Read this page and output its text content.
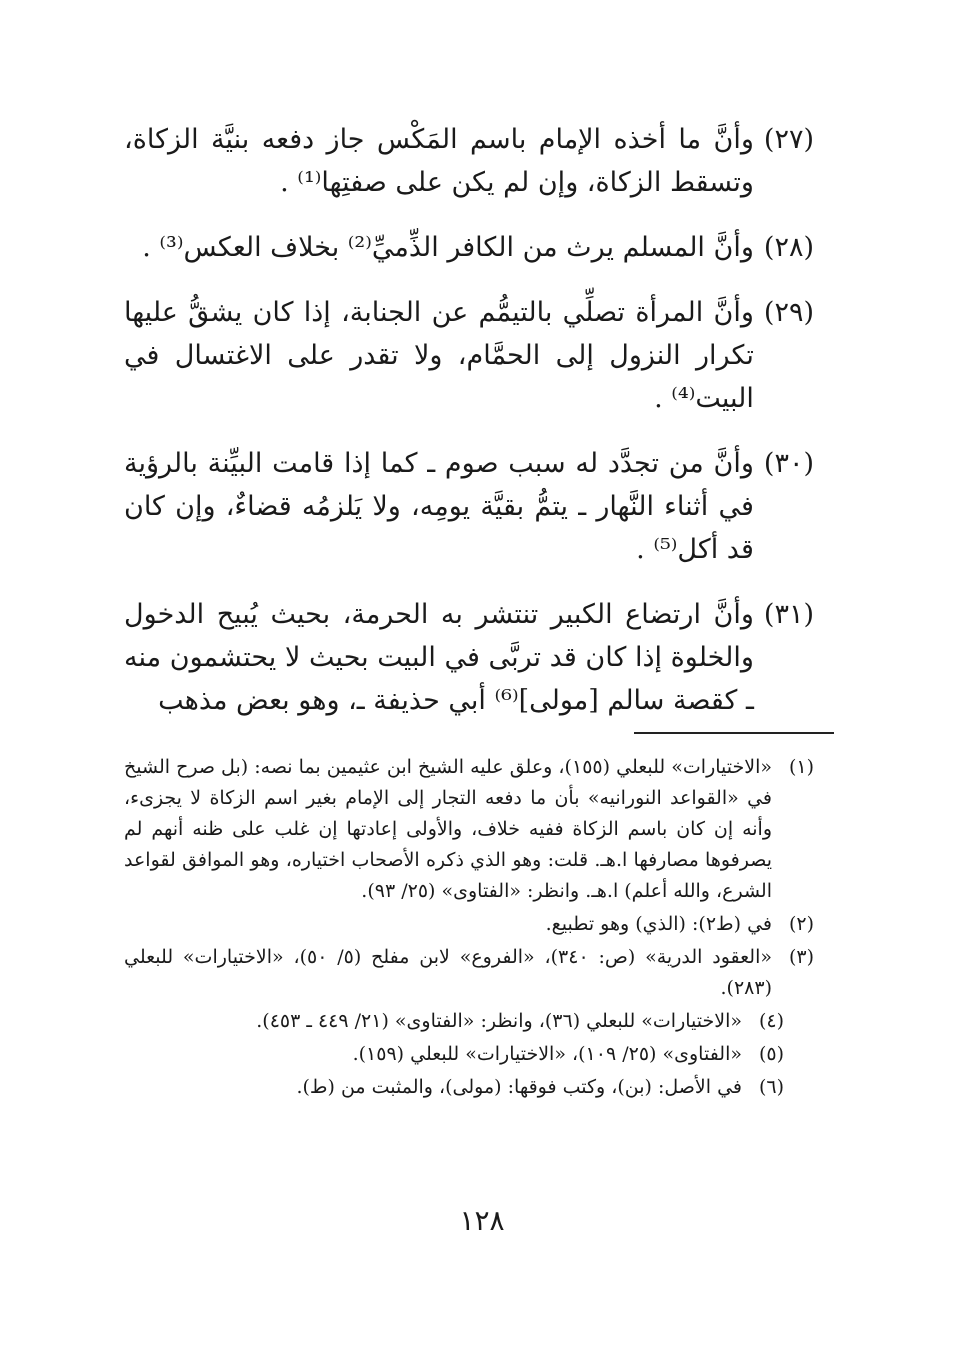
(٢٧)
وأنَّ ما أخذه الإمام باسم المَكْس جاز دفعه بنيَّة الزكاة، وتسقط الزكاة، وإن لم يكن على صفتِها⁽¹⁾ .
(٢٨)
وأنَّ المسلم يرث من الكافر الذِّميِّ⁽²⁾ بخلاف العكس⁽³⁾ .
(٢٩)
وأنَّ المرأة تصلِّي بالتيمُّم عن الجنابة، إذا كان يشقُّ عليها تكرار النزول إلى الحمَّام، ولا تقدر على الاغتسال في البيت⁽⁴⁾ .
(٣٠)
وأنَّ من تجدَّد له سبب صوم ـ كما إذا قامت البيِّنة بالرؤية في أثناء النَّهار ـ يتمُّ بقيَّة يومِه، ولا يَلزمُه قضاءٌ، وإن كان قد أكل⁽⁵⁾ .
(٣١)
وأنَّ ارتضاع الكبير تنتشر به الحرمة، بحيث يُبيح الدخول والخلوة إذا كان قد تربَّى في البيت بحيث لا يحتشمون منه ـ كقصة سالم [مولى]⁽⁶⁾ أبي حذيفة ـ، وهو بعض مذهب
(١)
«الاختيارات» للبعلي (١٥٥)، وعلق عليه الشيخ ابن عثيمين بما نصه: (بل صرح الشيخ في «القواعد النورانيه» بأن ما دفعه التجار إلى الإمام بغير اسم الزكاة لا يجزىء، وأنه إن كان باسم الزكاة ففيه خلاف، والأولى إعادتها إن غلب على ظنه أنهم لم يصرفوها مصارفها ا.هـ. قلت: وهو الذي ذكره الأصحاب اختياره، وهو الموافق لقواعد الشرع، والله أعلم) ا.هـ. وانظر: «الفتاوى» (٢٥/ ٩٣).
(٢)
في (ط٢): (الذي) وهو تطبيع.
(٣)
«العقود الدرية» (ص: ٣٤٠)، «الفروع» لابن مفلح (٥/ ٥٠)، «الاختيارات» للبعلي (٢٨٣).
(٤)
«الاختيارات» للبعلي (٣٦)، وانظر: «الفتاوى» (٢١/ ٤٤٩ ـ ٤٥٣).
(٥)
«الفتاوى» (٢٥/ ١٠٩)، «الاختيارات» للبعلي (١٥٩).
(٦)
في الأصل: (بن)، وكتب فوقها: (مولى)، والمثبت من (ط).
١٢٨
